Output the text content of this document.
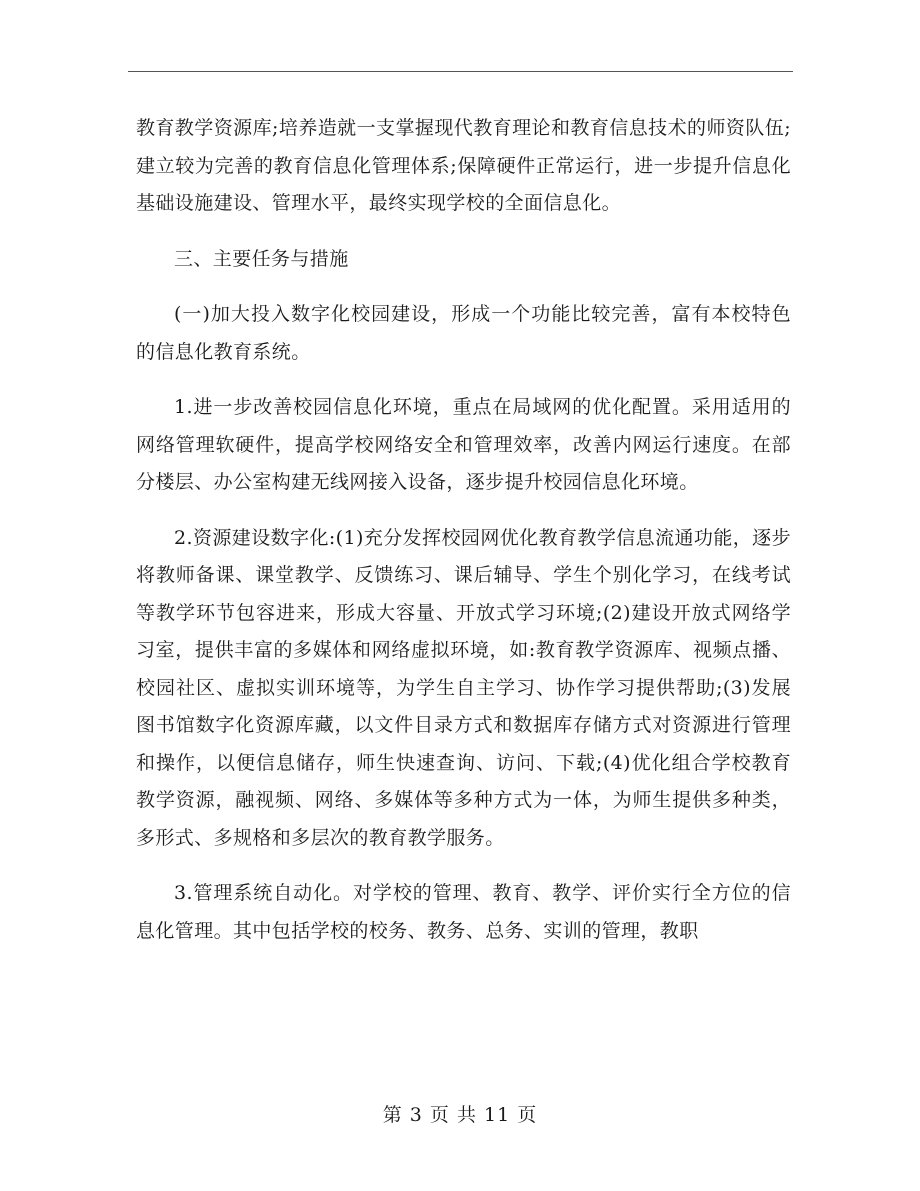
教育教学资源库;培养造就一支掌握现代教育理论和教育信息技术的师资队伍;建立较为完善的教育信息化管理体系;保障硬件正常运行，进一步提升信息化基础设施建设、管理水平，最终实现学校的全面信息化。

三、主要任务与措施

(一)加大投入数字化校园建设，形成一个功能比较完善，富有本校特色的信息化教育系统。

1.进一步改善校园信息化环境，重点在局域网的优化配置。采用适用的网络管理软硬件，提高学校网络安全和管理效率，改善内网运行速度。在部分楼层、办公室构建无线网接入设备，逐步提升校园信息化环境。

2.资源建设数字化:(1)充分发挥校园网优化教育教学信息流通功能，逐步将教师备课、课堂教学、反馈练习、课后辅导、学生个别化学习，在线考试等教学环节包容进来，形成大容量、开放式学习环境;(2)建设开放式网络学习室，提供丰富的多媒体和网络虚拟环境，如:教育教学资源库、视频点播、校园社区、虚拟实训环境等，为学生自主学习、协作学习提供帮助;(3)发展图书馆数字化资源库藏，以文件目录方式和数据库存储方式对资源进行管理和操作，以便信息储存，师生快速查询、访问、下载;(4)优化组合学校教育教学资源，融视频、网络、多媒体等多种方式为一体，为师生提供多种类，多形式、多规格和多层次的教育教学服务。

3.管理系统自动化。对学校的管理、教育、教学、评价实行全方位的信息化管理。其中包括学校的校务、教务、总务、实训的管理，教职

第 3 页 共 11 页
